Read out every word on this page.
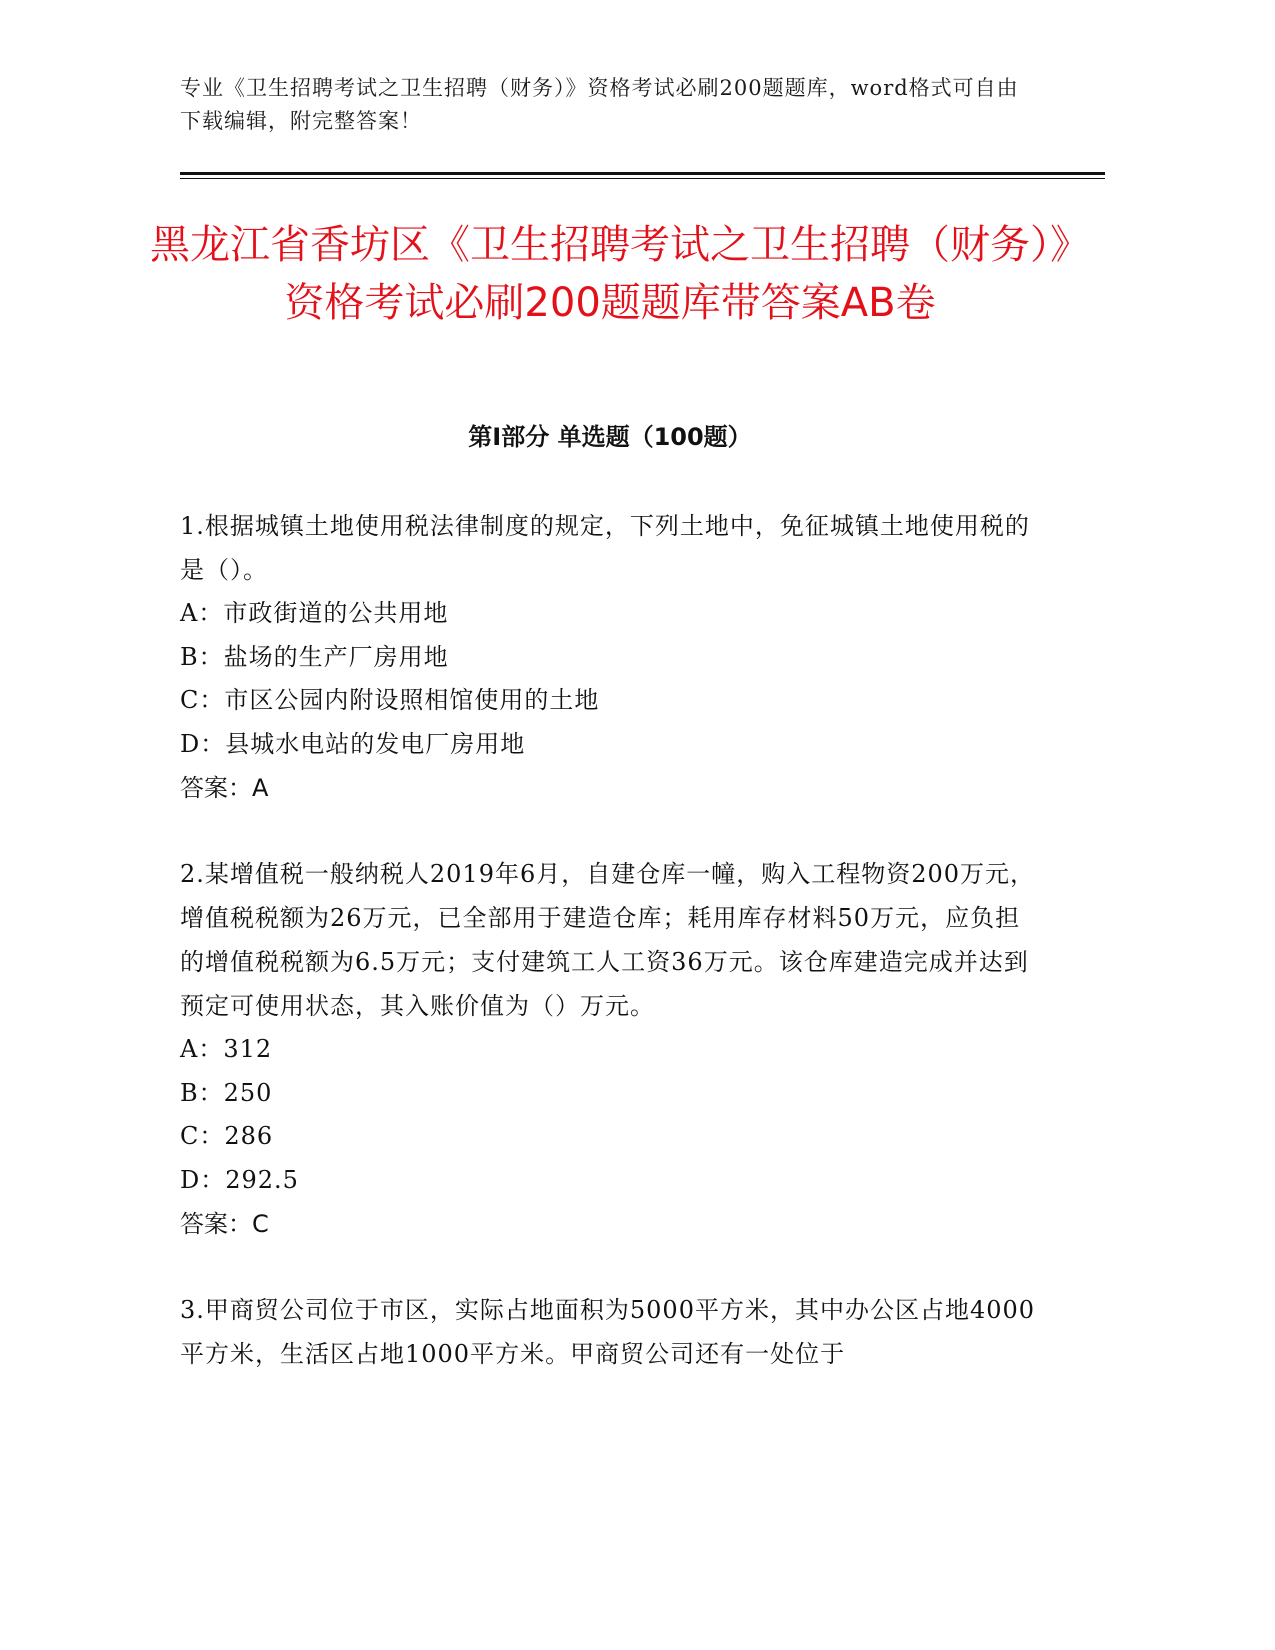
专业《卫生招聘考试之卫生招聘（财务）》资格考试必刷200题题库，word格式可自由下载编辑，附完整答案！
黑龙江省香坊区《卫生招聘考试之卫生招聘（财务）》资格考试必刷200题题库带答案AB卷
第I部分 单选题（100题）

1.根据城镇土地使用税法律制度的规定，下列土地中，免征城镇土地使用税的是（）。

A：市政街道的公共用地

B：盐场的生产厂房用地

C：市区公园内附设照相馆使用的土地

D：县城水电站的发电厂房用地

答案：A

2.某增值税一般纳税人2019年6月，自建仓库一幢，购入工程物资200万元，增值税税额为26万元，已全部用于建造仓库；耗用库存材料50万元，应负担的增值税税额为6.5万元；支付建筑工人工资36万元。该仓库建造完成并达到预定可使用状态，其入账价值为（）万元。

A：312

B：250

C：286

D：292.5

答案：C

3.甲商贸公司位于市区，实际占地面积为5000平方米，其中办公区占地4000平方米，生活区占地1000平方米。甲商贸公司还有一处位于
